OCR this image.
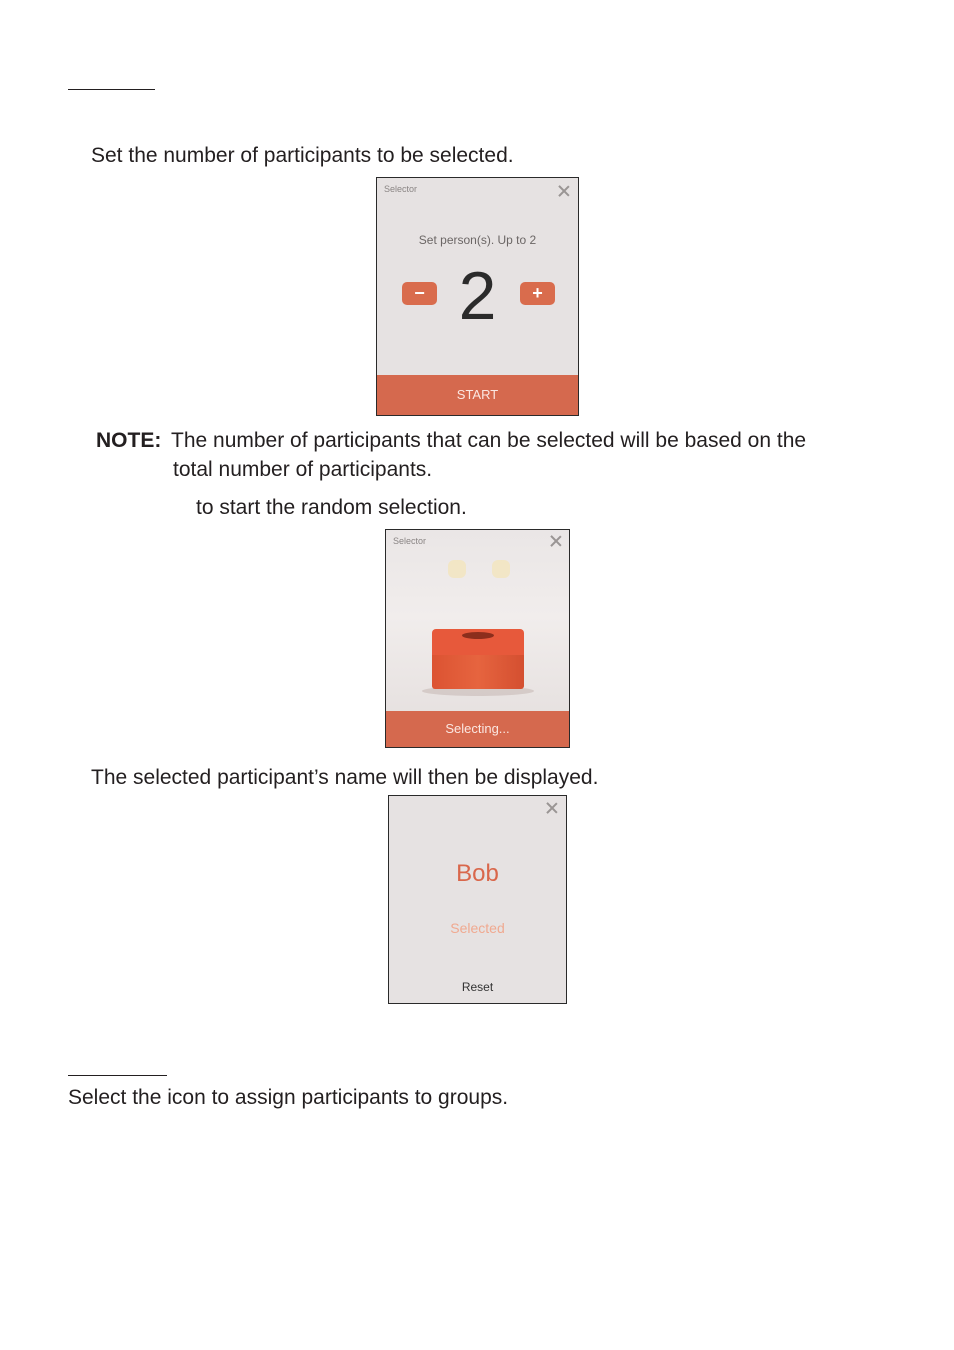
Set the number of participants to be selected.
Selector
Set person(s). Up to 2
− 2	+
START
NOTE: The number of participants that can be selected will be based on the
total number of participants.
to start the random selection.
Selector
Selecting...
The selected participant’s name will then be displayed.
Bob
Selected
Reset
Select the icon to assign participants to groups.
